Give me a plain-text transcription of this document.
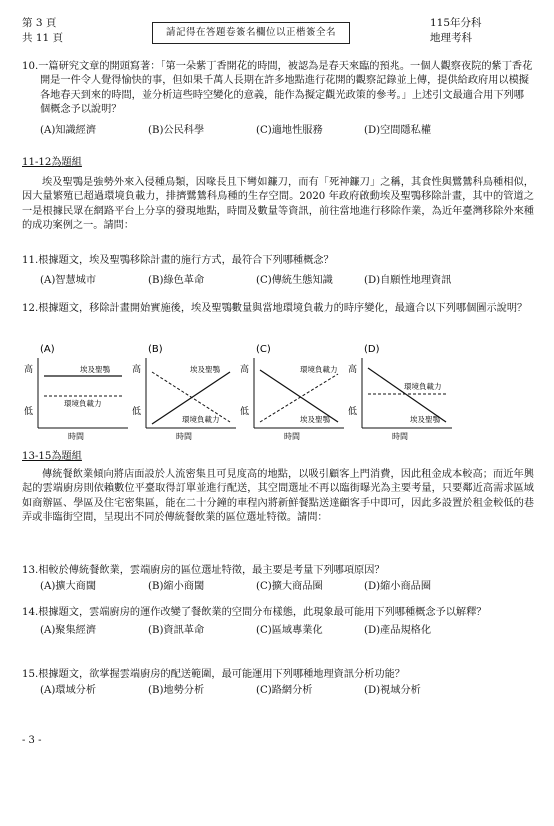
第 3 頁
共 11 頁	請記得在答題卷簽名欄位以正楷簽全名
115年分科
地理考科
10.一篇研究文章的開頭寫著：「第一朵紫丁香開花的時間，被認為是春天來臨的預兆。一個人觀察夜院的紫丁香花開是一件令人覺得愉快的事，但如果千萬人長期在許多地點進行花開的觀察記錄並上傳，提供給政府用以模擬各地春天到來的時間，並分析這些時空變化的意義，能作為擬定觀光政策的參考。」上述引文最適合用下列哪個概念予以說明？
(A)知識經濟	(B)公民科學	(C)適地性服務	(D)空間隱私權
11-12為題組
埃及聖鶚是強勢外來入侵種鳥類，因喙長且下彎如鐮刀，而有「死神鐮刀」之稱，其食性與鷺鷥科鳥種相似，因大量繁殖已超過環境負載力，排擠鷺鷥科鳥種的生存空間。2020 年政府啟動埃及聖鶚移除計畫，其中的管道之一是根據民眾在網路平台上分享的發現地點，時間及數量等資訊，前往當地進行移除作業，為近年臺灣移除外來種的成功案例之一。請問：
11.根據題文，埃及聖鶚移除計畫的施行方式，最符合下列哪種概念？
(A)智慧城市	(B)綠色革命	(C)傳統生態知識	(D)自願性地理資訊
12.根據題文，移除計畫開始實施後，埃及聖鶚數量與當地環境負載力的時序變化，最適合以下列哪個圖示說明？
(A)
高
低
埃及聖鶚
環境負載力
時間
(B)
高
低
埃及聖鶚
環境負載力
時間
(C)
高
低
環境負載力
埃及聖鶚
時間
(D)
高
低
環境負載力
埃及聖鶚
時間
13-15為題組
傳統餐飲業傾向將店面設於人流密集且可見度高的地點，以吸引顧客上門消費，因此租金成本較高；而近年興起的雲端廚房則依賴數位平臺取得訂單並進行配送，其空間選址不再以臨街曝光為主要考量，只要鄰近高需求區域如商辦區、學區及住宅密集區，能在二十分鐘的車程內將新鮮餐點送達顧客手中即可，因此多設置於租金較低的巷弄或非臨街空間，呈現出不同於傳統餐飲業的區位選址特徵。請問：
13.相較於傳統餐飲業，雲端廚房的區位選址特徵，最主要是考量下列哪項原因？
(A)擴大商閾	(B)縮小商閾	(C)擴大商品圈	(D)縮小商品圈
14.根據題文，雲端廚房的運作改變了餐飲業的空間分布樣態，此現象最可能用下列哪種概念予以解釋？
(A)聚集經濟	(B)資訊革命	(C)區域專業化	(D)產品規格化
15.根據題文，欲掌握雲端廚房的配送範圍，最可能運用下列哪種地理資訊分析功能？
(A)環域分析	(B)地勢分析	(C)路網分析	(D)視域分析
- 3 -
